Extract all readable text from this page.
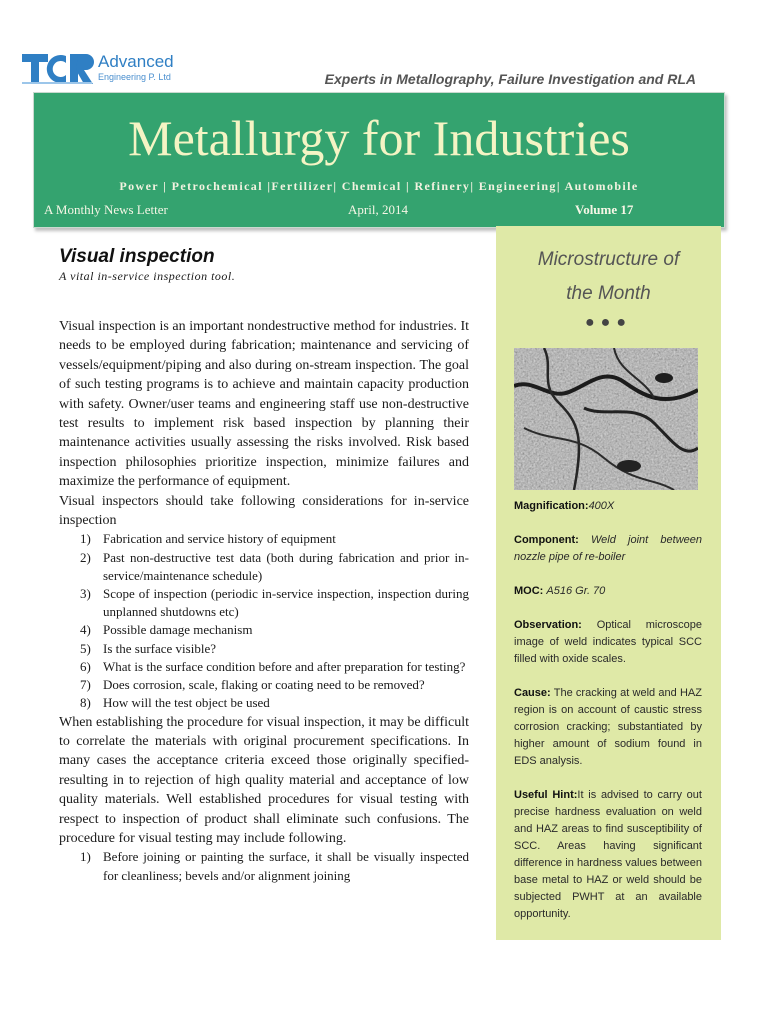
Advanced
Engineering P. Ltd	Experts in Metallography, Failure Investigation and RLA
Metallurgy for Industries
Power | Petrochemical |Fertilizer| Chemical | Refinery| Engineering| Automobile
A Monthly News Letter	April, 2014	Volume 17
Visual inspection
A vital in-service inspection tool.

Visual inspection is an important nondestructive method for industries. It needs to be employed during fabrication; maintenance and servicing of vessels/equipment/piping and also during on-stream inspection. The goal of such testing programs is to achieve and maintain capacity production with safety. Owner/user teams and engineering staff use non-destructive test results to implement risk based inspection by planning their maintenance activities usually assessing the risks involved. Risk based inspection philosophies prioritize inspection, minimize failures and maximize the performance of equipment.

Visual inspectors should take following considerations for in-service inspection

1) Fabrication and service history of equipment
2) Past non-destructive test data (both during fabrication and prior in-service/maintenance schedule)
3) Scope of inspection (periodic in-service inspection, inspection during unplanned shutdowns etc)
4) Possible damage mechanism
5) Is the surface visible?
6) What is the surface condition before and after preparation for testing?
7) Does corrosion, scale, flaking or coating need to be removed?
8) How will the test object be used

When establishing the procedure for visual inspection, it may be difficult to correlate the materials with original procurement specifications. In many cases the acceptance criteria exceed those originally specified- resulting in to rejection of high quality material and acceptance of low quality materials. Well established procedures for visual testing with respect to inspection of product shall eliminate such confusions. The procedure for visual testing may include following.

1) Before joining or painting the surface, it shall be visually inspected for cleanliness; bevels and/or alignment joining
Microstructure of
the Month
●●●

Magnification:400X

Component: Weld joint between nozzle pipe of re-boiler

MOC: A516 Gr. 70

Observation: Optical microscope image of weld indicates typical SCC filled with oxide scales.

Cause: The cracking at weld and HAZ region is on account of caustic stress corrosion cracking; substantiated by higher amount of sodium found in EDS analysis.

Useful Hint:It is advised to carry out precise hardness evaluation on weld and HAZ areas to find susceptibility of SCC. Areas having significant difference in hardness values between base metal to HAZ or weld should be subjected PWHT at an available opportunity.
